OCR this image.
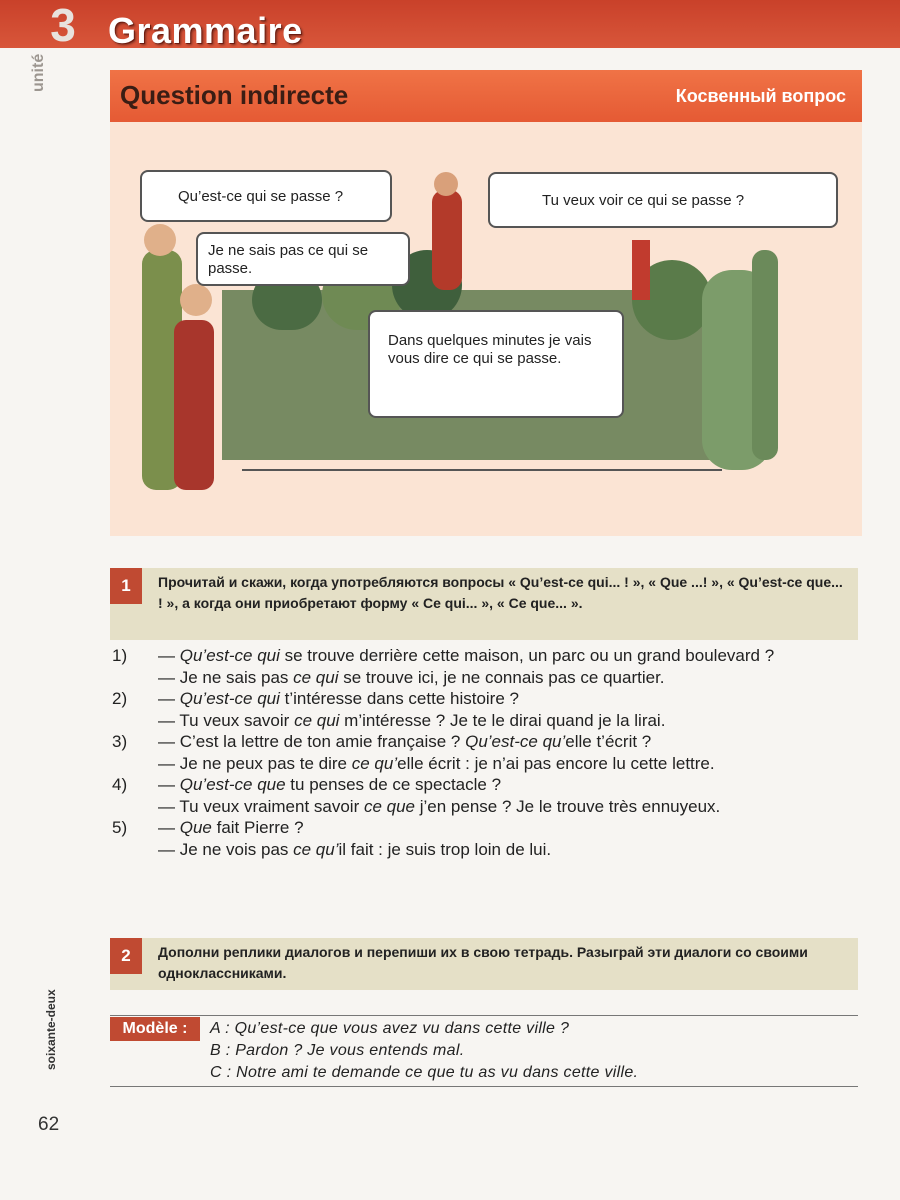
3
unité
Grammaire
Question indirecte	Косвенный вопрос
Qu’est-ce qui se passe ?	Tu veux voir ce qui se passe ?
Je ne sais pas ce qui se passe.
Dans quelques minutes je vais vous dire ce qui se passe.
1	Прочитай и скажи, когда употребляются вопросы « Qu’est-ce qui... ! », « Que ...! », « Qu’est-ce que... ! », а когда они приобретают форму « Ce qui... », « Ce que... ».
1) — Qu’est-ce qui se trouve derrière cette maison, un parc ou un grand boulevard ?
— Je ne sais pas ce qui se trouve ici, je ne connais pas ce quartier.
2) — Qu’est-ce qui t’intéresse dans cette histoire ?
— Tu veux savoir ce qui m’intéresse ? Je te le dirai quand je la lirai.
3) — C’est la lettre de ton amie française ? Qu’est-ce qu’elle t’écrit ?
— Je ne peux pas te dire ce qu’elle écrit : je n’ai pas encore lu cette lettre.
4) — Qu’est-ce que tu penses de ce spectacle ?
— Tu veux vraiment savoir ce que j’en pense ? Je le trouve très ennuyeux.
5) — Que fait Pierre ?
— Je ne vois pas ce qu’il fait : je suis trop loin de lui.
2	Дополни реплики диалогов и перепиши их в свою тетрадь. Разыграй эти диалоги со своими одноклассниками.
Modèle :	A : Qu’est-ce que vous avez vu dans cette ville ?
B : Pardon ? Je vous entends mal.
C : Notre ami te demande ce que tu as vu dans cette ville.
soixante-deux
62
